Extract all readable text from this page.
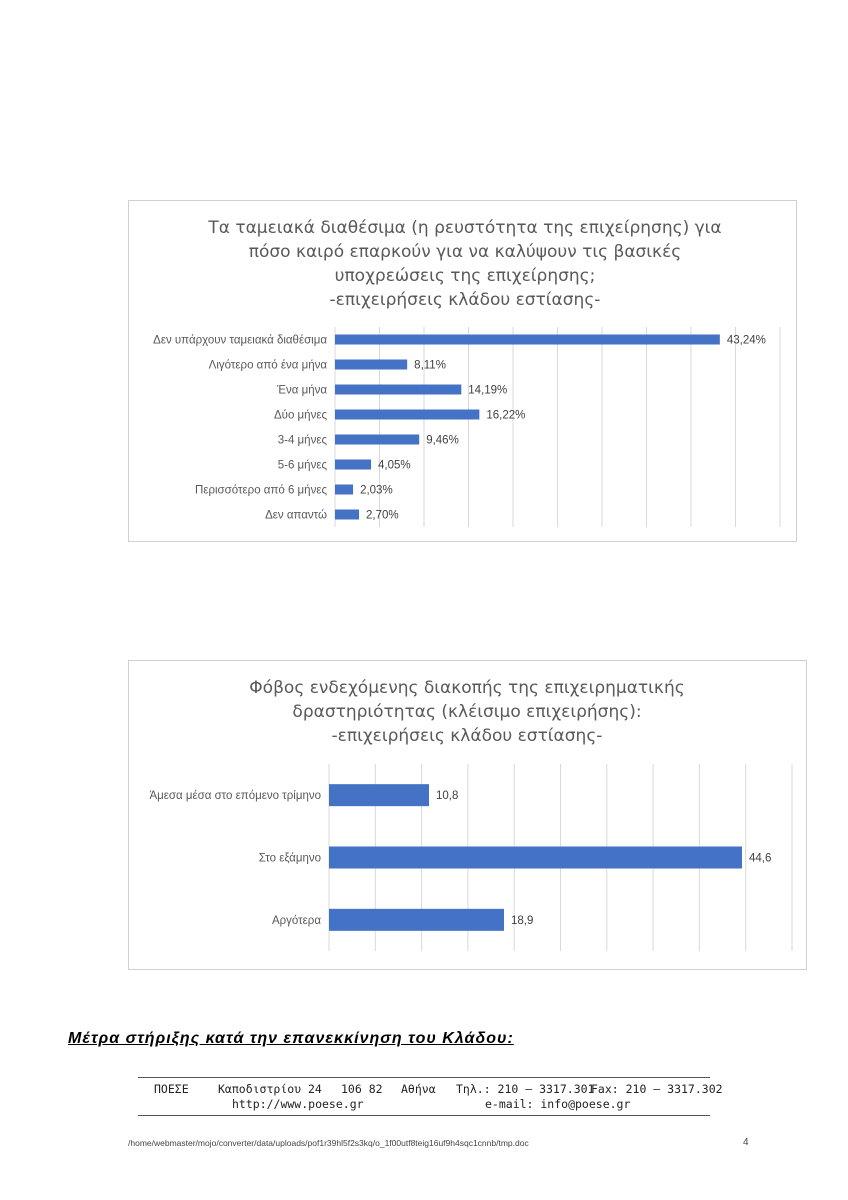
Τα ταμειακά διαθέσιμα (η ρευστότητα της επιχείρησης) για
πόσο καιρό επαρκούν για να καλύψουν τις βασικές
υποχρεώσεις της επιχείρησης;
-επιχειρήσεις κλάδου εστίασης-
Δεν υπάρχουν ταμειακά διαθέσιμα	43,24%
Λιγότερο από ένα μήνα	8,11%
Ένα μήνα	14,19%
Δύο μήνες	16,22%
3-4 μήνες	9,46%
5-6 μήνες	4,05%
Περισσότερο από 6 μήνες	2,03%
Δεν απαντώ	2,70%
Φόβος ενδεχόμενης διακοπής της επιχειρηματικής
δραστηριότητας (κλέισιμο επιχειρήσης):
-επιχειρήσεις κλάδου εστίασης-
Άμεσα μέσα στο επόμενο τρίμηνο	10,8
Στο εξάμηνο	44,6
Αργότερα	18,9
Μέτρα στήριξης κατά την επανεκκίνηση του Κλάδου:
ΠΟΕΣΕ	Καποδιστρίου 24 106 82 Αθήνα Τηλ.: 210 – 3317.301
Fax: 210 – 3317.302
http://www.poese.gr	e-mail: info@poese.gr
/home/webmaster/mojo/converter/data/uploads/pof1r39hl5f2s3kq/o_1f00utf8teig16uf9h4sqc1cnnb/tmp.doc	4
